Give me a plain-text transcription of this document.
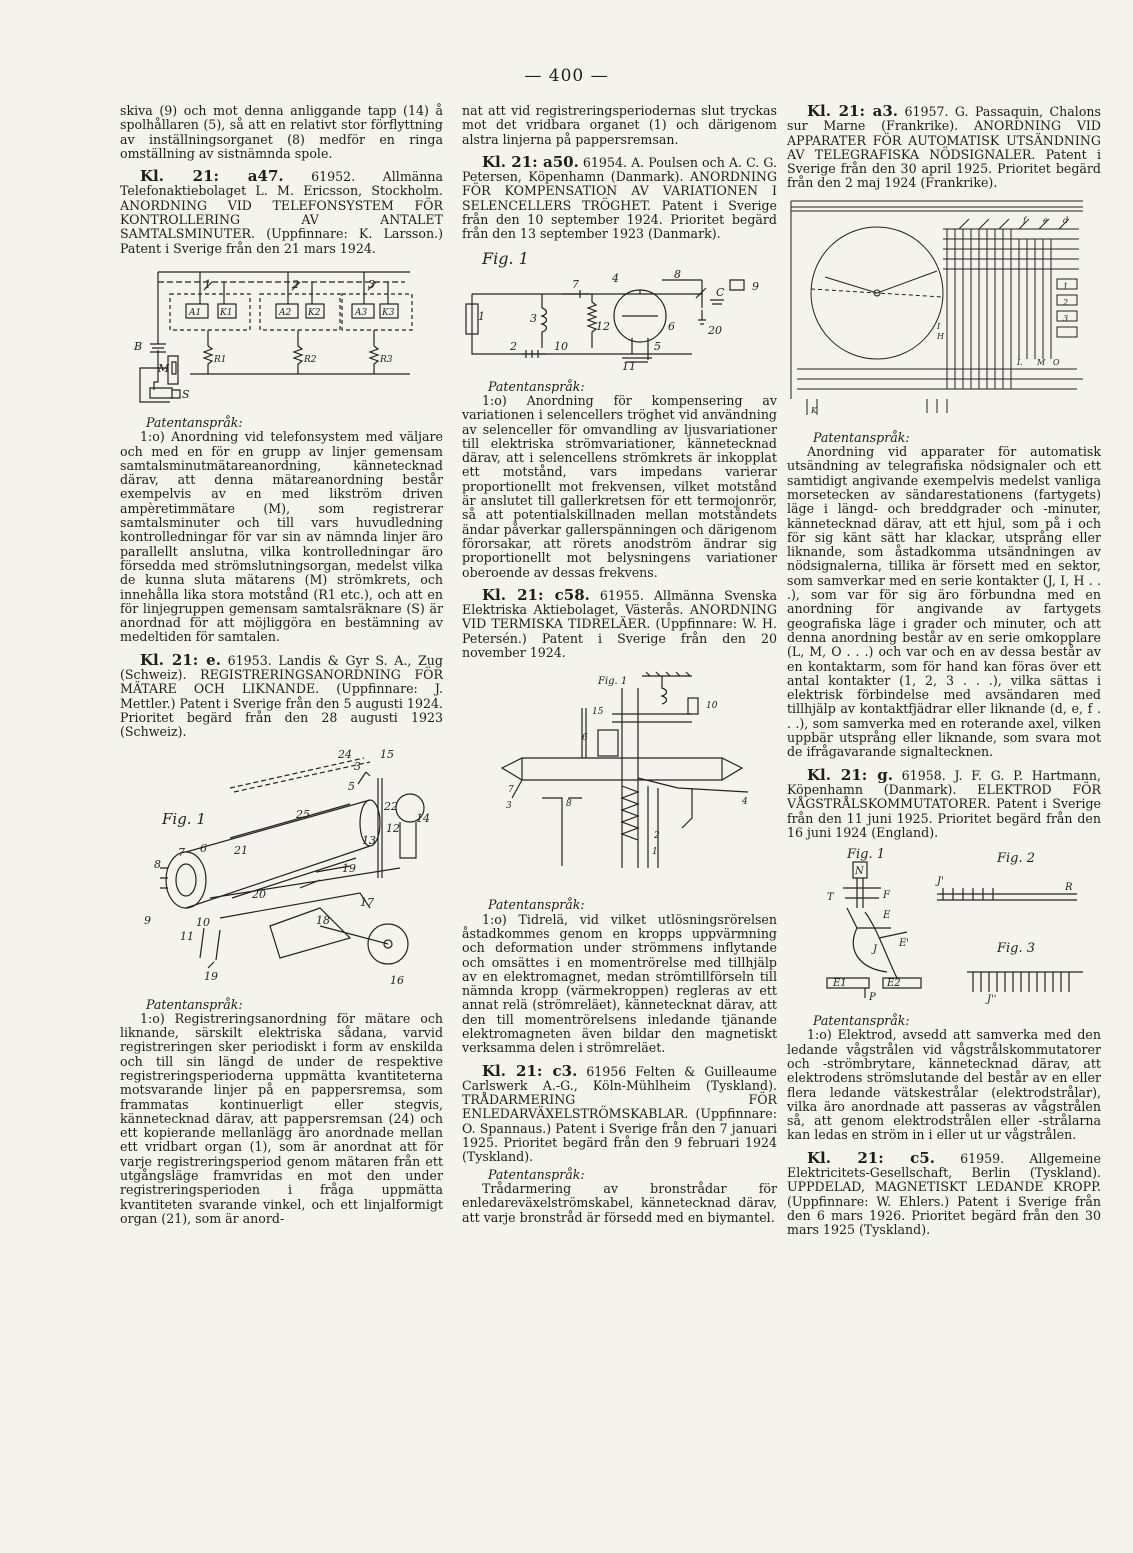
— 400 —

skiva (9) och mot denna anliggande tapp (14) å spolhållaren (5), så att en relativt stor förflyttning av inställningsorganet (8) medför en ringa omställning av sistnämnda spole.

Kl. 21: a47. 61952. Allmänna Telefonaktiebolaget L. M. Ericsson, Stockholm. ANORDNING VID TELEFONSYSTEM FÖR KONTROLLERING AV ANTALET SAMTALSMINUTER. (Uppfinnare: K. Larsson.) Patent i Sverige från den 21 mars 1924.

1	2	3
A1 K1	A2 K2	A3 K3
B
M
R1	R2	R3
S

Patentanspråk:

1:o) Anordning vid telefonsystem med väljare och med en för en grupp av linjer gemensam samtalsminutmätareanordning, kännetecknad därav, att denna mätareanordning består exempelvis av en med likström driven ampèretimmätare (M), som registrerar samtalsminuter och till vars huvudledning kontrolledningar för var sin av nämnda linjer äro parallellt anslutna, vilka kontrolledningar äro försedda med strömslutningsorgan, medelst vilka de kunna sluta mätarens (M) strömkrets, och innehålla lika stora motstånd (R1 etc.), och att en för linjegruppen gemensam samtalsräknare (S) är anordnad för att möjliggöra en bestämning av medeltiden för samtalen.

Kl. 21: e. 61953. Landis & Gyr S. A., Zug (Schweiz). REGISTRERINGSANORDNING FÖR MÄTARE OCH LIKNANDE. (Uppfinnare: J. Mettler.) Patent i Sverige från den 5 augusti 1924. Prioritet begärd från den 28 augusti 1923 (Schweiz).

Fig. 1
24
3
15
5
25
22
12
13
14
7 6 21
8
20
19
9	10
11
18
17
16
19

Patentanspråk:

1:o) Registreringsanordning för mätare och liknande, särskilt elektriska sådana, varvid registreringen sker periodiskt i form av enskilda och till sin längd de under de respektive registreringsperioderna uppmätta kvantiteterna motsvarande linjer på en pappersremsa, som frammatas kontinuerligt eller stegvis, kännetecknad därav, att pappersremsan (24) och ett kopierande mellanlägg äro anordnade mellan ett vridbart organ (1), som är anordnat att för varje registreringsperiod genom mätaren från ett utgångsläge framvridas en mot den under registreringsperioden i fråga uppmätta kvantiteten svarande vinkel, och ett linjalformigt organ (21), som är anord-

nat att vid registreringsperiodernas slut tryckas mot det vridbara organet (1) och därigenom alstra linjerna på pappersremsan.

Kl. 21: a50. 61954. A. Poulsen och A. C. G. Petersen, Köpenhamn (Danmark). ANORDNING FÖR KOMPENSATION AV VARIATIONEN I SELENCELLERS TRÖGHET. Patent i Sverige från den 10 september 1924. Prioritet begärd från den 13 september 1923 (Danmark).

Fig. 1
7	4	8
C	9
1	3
6
5
2	10
11
12	20

Patentanspråk:

1:o) Anordning för kompensering av variationen i selencellers tröghet vid användning av selenceller för omvandling av ljusvariationer till elektriska strömvariationer, kännetecknad därav, att i selencellens strömkrets är inkopplat ett motstånd, vars impedans varierar proportionellt mot frekvensen, vilket motstånd är anslutet till gallerkretsen för ett termojonrör, så att potentialskillnaden mellan motståndets ändar påverkar gallerspänningen och därigenom förorsakar, att rörets anodström ändrar sig proportionellt mot belysningens variationer oberoende av dessas frekvens.

Kl. 21: c58. 61955. Allmänna Svenska Elektriska Aktiebolaget, Västerås. ANORDNING VID TERMISKA TIDRELÄER. (Uppfinnare: W. H. Petersén.) Patent i Sverige från den 20 november 1924.

Fig. 1
15
10
6
7
8
3	4
2
1

Patentanspråk:

1:o) Tidrelä, vid vilket utlösningsrörelsen åstadkommes genom en kropps uppvärmning och deformation under strömmens inflytande och omsättes i en momentrörelse med tillhjälp av en elektromagnet, medan strömtillförseln till nämnda kropp (värmekroppen) regleras av ett annat relä (strömreläet), kännetecknat därav, att den till momentrörelsens inledande tjänande elektromagneten även bildar den magnetiskt verksamma delen i strömreläet.

Kl. 21: c3. 61956 Felten & Guilleaume Carlswerk A.-G., Köln-Mühlheim (Tyskland). TRÅDARMERING FÖR ENLEDARVÄXELSTRÖMSKABLAR. (Uppfinnare: O. Spannaus.) Patent i Sverige från den 7 januari 1925. Prioritet begärd från den 9 februari 1924 (Tyskland).

Patentanspråk:

Trådarmering av bronstrådar för enledareväxelströmskabel, kännetecknad därav, att varje bronstråd är försedd med en biymantel.

Kl. 21: a3. 61957. G. Passaquin, Chalons sur Marne (Frankrike). ANORDNING VID APPARATER FÖR AUTOMATISK UTSÄNDNING AV TELEGRAFISKA NÖDSIGNALER. Patent i Sverige från den 30 april 1925. Prioritet begärd från den 2 maj 1924 (Frankrike).

d
e
f
L M O
I
H
1
2
3
K

Patentanspråk:

Anordning vid apparater för automatisk utsändning av telegrafiska nödsignaler och ett samtidigt angivande exempelvis medelst vanliga morsetecken av sändarestationens (fartygets) läge i längd- och breddgrader och -minuter, kännetecknad därav, att ett hjul, som på i och för sig känt sätt har klackar, utsprång eller liknande, som åstadkomma utsändningen av nödsignalerna, tillika är försett med en sektor, som samverkar med en serie kontakter (J, I, H . . .), som var för sig äro förbundna med en anordning för angivande av fartygets geografiska läge i grader och minuter, och att denna anordning består av en serie omkopplare (L, M, O . . .) och var och en av dessa består av en kontaktarm, som för hand kan föras över ett antal kontakter (1, 2, 3 . . .), vilka sättas i elektrisk förbindelse med avsändaren med tillhjälp av kontaktfjädrar eller liknande (d, e, f . . .), som samverka med en roterande axel, vilken uppbär utsprång eller liknande, som svara mot de ifrågavarande signaltecknen.

Kl. 21: g. 61958. J. F. G. P. Hartmann, Köpenhamn (Danmark). ELEKTROD FÖR VÅGSTRÅLSKOMMUTATORER. Patent i Sverige från den 11 juni 1925. Prioritet begärd från den 16 juni 1924 (England).

Fig. 1	Fig. 2
Fig. 3
N
T	F
E
J
E'
E1	E2
P
J'
J''
R

Patentanspråk:

1:o) Elektrod, avsedd att samverka med den ledande vågstrålen vid vågstrålskommutatorer och -strömbrytare, kännetecknad därav, att elektrodens strömslutande del består av en eller flera ledande vätskestrålar (elektrodstrålar), vilka äro anordnade att passeras av vågstrålen så, att genom elektrodstrålen eller -strålarna kan ledas en ström in i eller ut ur vågstrålen.

Kl. 21: c5. 61959. Allgemeine Elektricitets-Gesellschaft, Berlin (Tyskland). UPPDELAD, MAGNETISKT LEDANDE KROPP. (Uppfinnare: W. Ehlers.) Patent i Sverige från den 6 mars 1926. Prioritet begärd från den 30 mars 1925 (Tyskland).
